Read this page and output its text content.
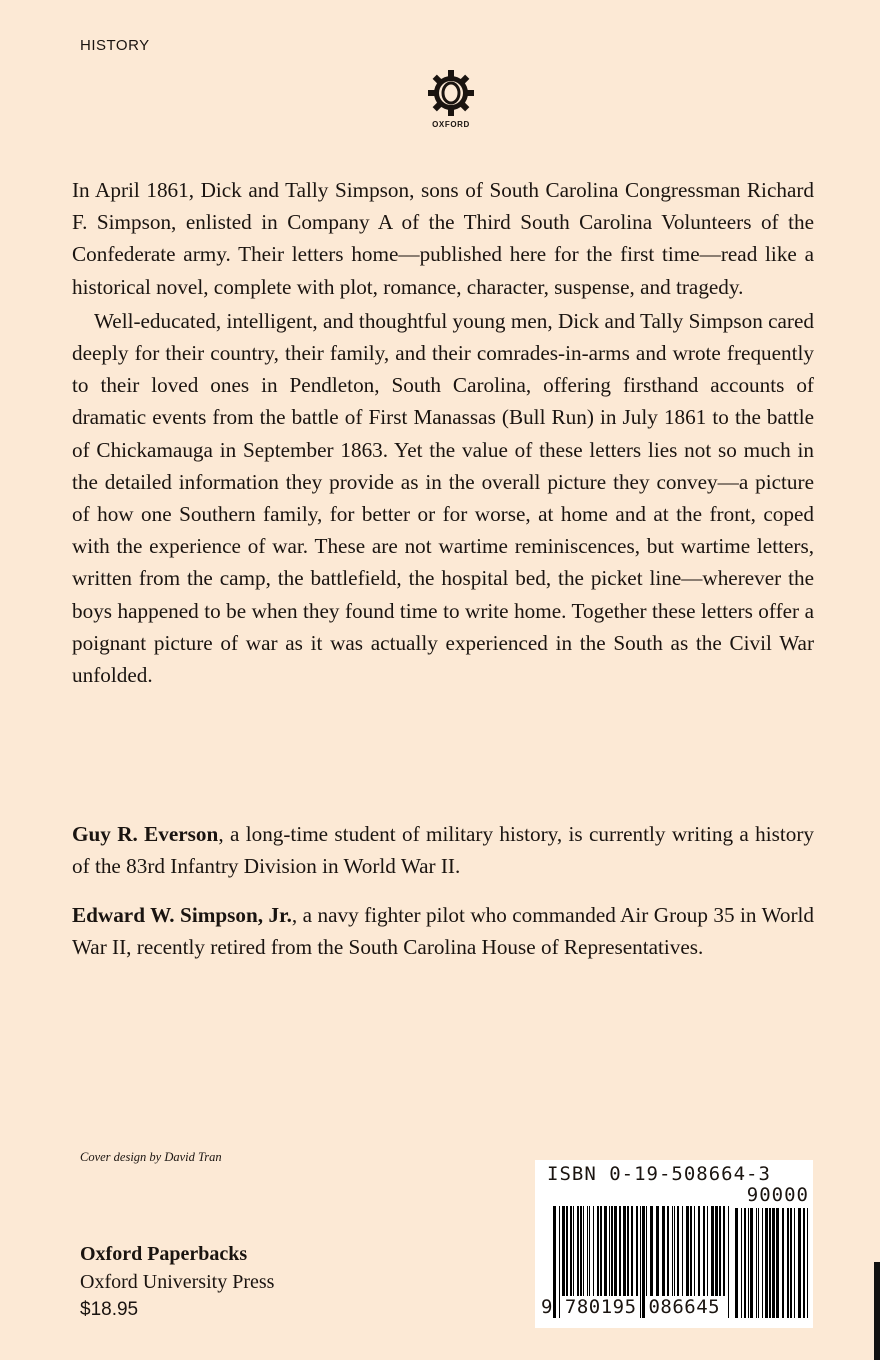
HISTORY
OXFORD

In April 1861, Dick and Tally Simpson, sons of South Carolina Congressman Richard F. Simpson, enlisted in Company A of the Third South Carolina Volunteers of the Confederate army. Their letters home—published here for the first time—read like a historical novel, complete with plot, romance, character, suspense, and tragedy.

Well-educated, intelligent, and thoughtful young men, Dick and Tally Simpson cared deeply for their country, their family, and their comrades-in-arms and wrote frequently to their loved ones in Pendleton, South Carolina, offering firsthand accounts of dramatic events from the battle of First Manassas (Bull Run) in July 1861 to the battle of Chickamauga in September 1863. Yet the value of these letters lies not so much in the detailed information they provide as in the overall picture they convey—a picture of how one Southern family, for better or for worse, at home and at the front, coped with the experience of war. These are not wartime reminiscences, but wartime letters, written from the camp, the battlefield, the hospital bed, the picket line—wherever the boys happened to be when they found time to write home. Together these letters offer a poignant picture of war as it was actually experienced in the South as the Civil War unfolded.

Guy R. Everson, a long-time student of military history, is currently writing a history of the 83rd Infantry Division in World War II.
Edward W. Simpson, Jr., a navy fighter pilot who commanded Air Group 35 in World War II, recently retired from the South Carolina House of Representatives.
Cover design by David Tran
Oxford Paperbacks
Oxford University Press
$18.95
ISBN 0-19-508664-3
90000
9 780195 086645
